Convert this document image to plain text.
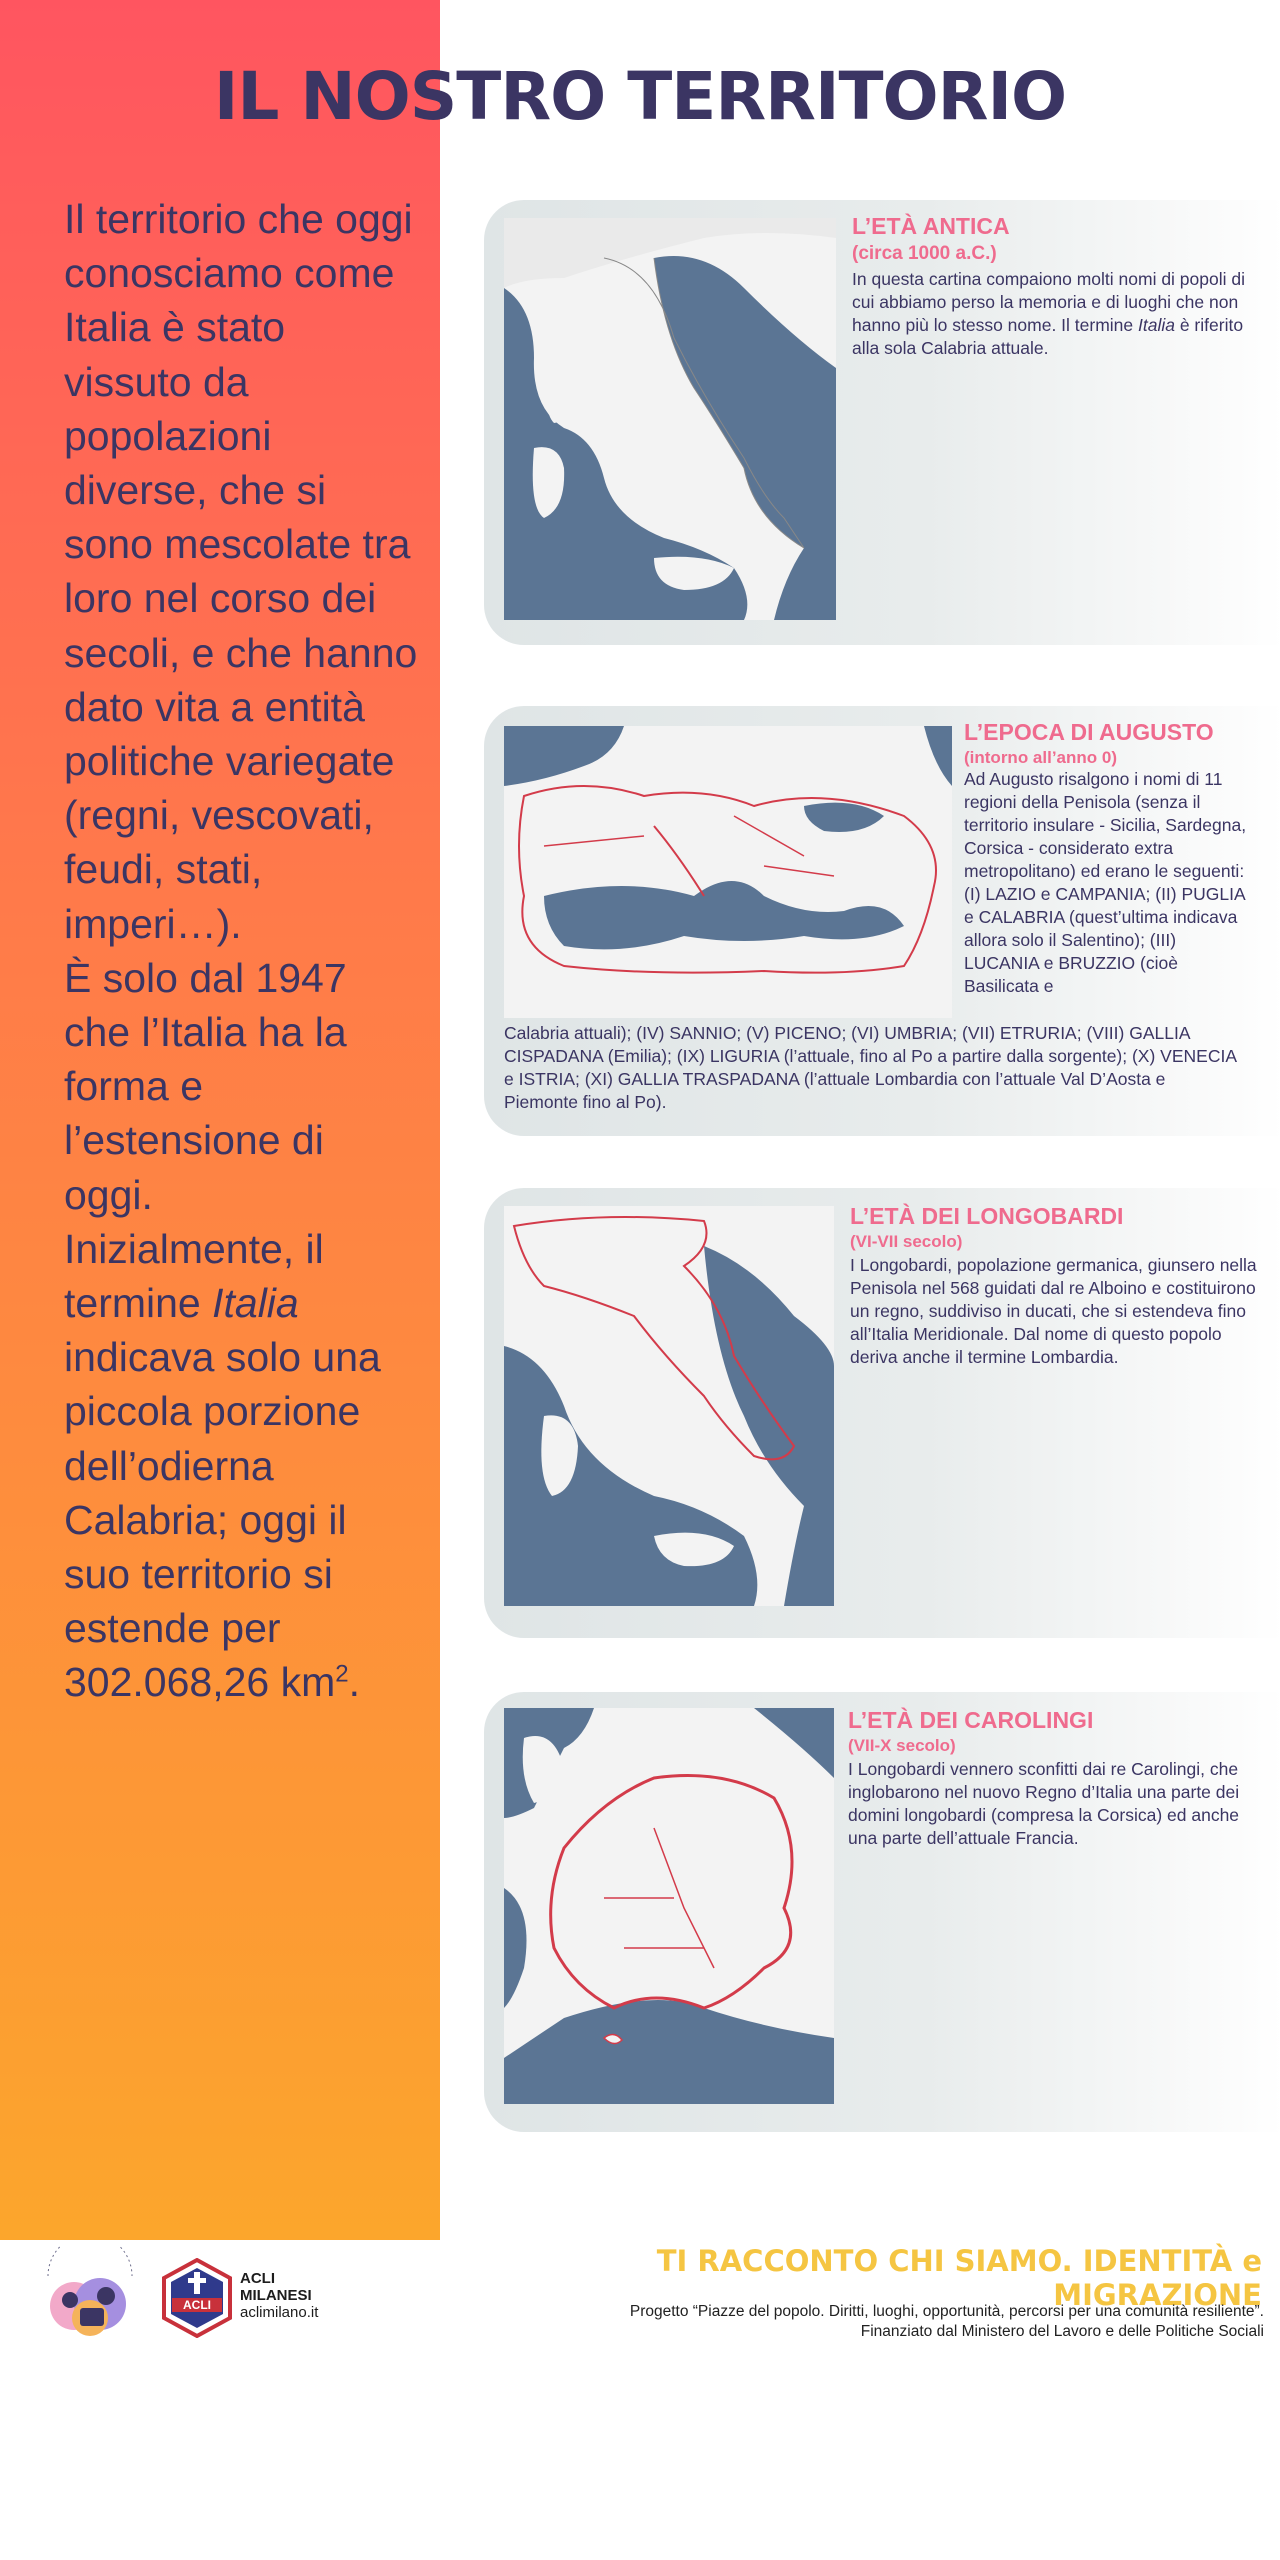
IL NOSTRO TERRITORIO

Il territorio che oggi conosciamo come Italia è stato vissuto da popolazioni diverse, che si sono mescolate tra loro nel corso dei secoli, e che hanno dato vita a entità politiche variegate (regni, vescovati, feudi, stati, imperi…).
È solo dal 1947 che l’Italia ha la forma e l’estensione di oggi.
Inizialmente, il termine Italia indicava solo una piccola porzione dell’odierna Calabria; oggi il suo territorio si estende per 302.068,26 $km^2$.

L’ETÀ ANTICA
(circa 1000 a.C.)

In questa cartina compaiono molti nomi di popoli di cui abbiamo perso la memoria e di luoghi che non hanno più lo stesso nome. Il termine Italia è riferito alla sola Calabria attuale.

L’EPOCA DI AUGUSTO
(intorno all’anno 0)

Ad Augusto risalgono i nomi di 11 regioni della Penisola (senza il territorio insulare - Sicilia, Sardegna, Corsica - considerato extra metropolitano) ed erano le seguenti: (I) LAZIO e CAMPANIA; (II) PUGLIA e CALABRIA (quest’ultima indicava allora solo il Salentino); (III) LUCANIA e BRUZZIO (cioè Basilicata e

Calabria attuali); (IV) SANNIO; (V) PICENO; (VI) UMBRIA; (VII) ETRURIA; (VIII) GALLIA CISPADANA (Emilia); (IX) LIGURIA (l’attuale, fino al Po a partire dalla sorgente); (X) VENECIA e ISTRIA; (XI) GALLIA TRASPADANA (l’attuale Lombardia con l’attuale Val D’Aosta e Piemonte fino al Po).

L’ETÀ DEI LONGOBARDI
(VI-VII secolo)

I Longobardi, popolazione germanica, giunsero nella Penisola nel 568 guidati dal re Alboino e costituirono un regno, suddiviso in ducati, che si estendeva fino all’Italia Meridionale. Dal nome di questo popolo deriva anche il termine Lombardia.

L’ETÀ DEI CAROLINGI
(VII-X secolo)

I Longobardi vennero sconfitti dai re Carolingi, che inglobarono nel nuovo Regno d’Italia una parte dei domini longobardi (compresa la Corsica) ed anche una parte dell’attuale Francia.

ACLI

ACLI
MILANESI
aclimilano.it

TI RACCONTO CHI SIAMO. IDENTITÀ e MIGRAZIONE

Progetto “Piazze del popolo. Diritti, luoghi, opportunità, percorsi per una comunità resiliente”.
Finanziato dal Ministero del Lavoro e delle Politiche Sociali
